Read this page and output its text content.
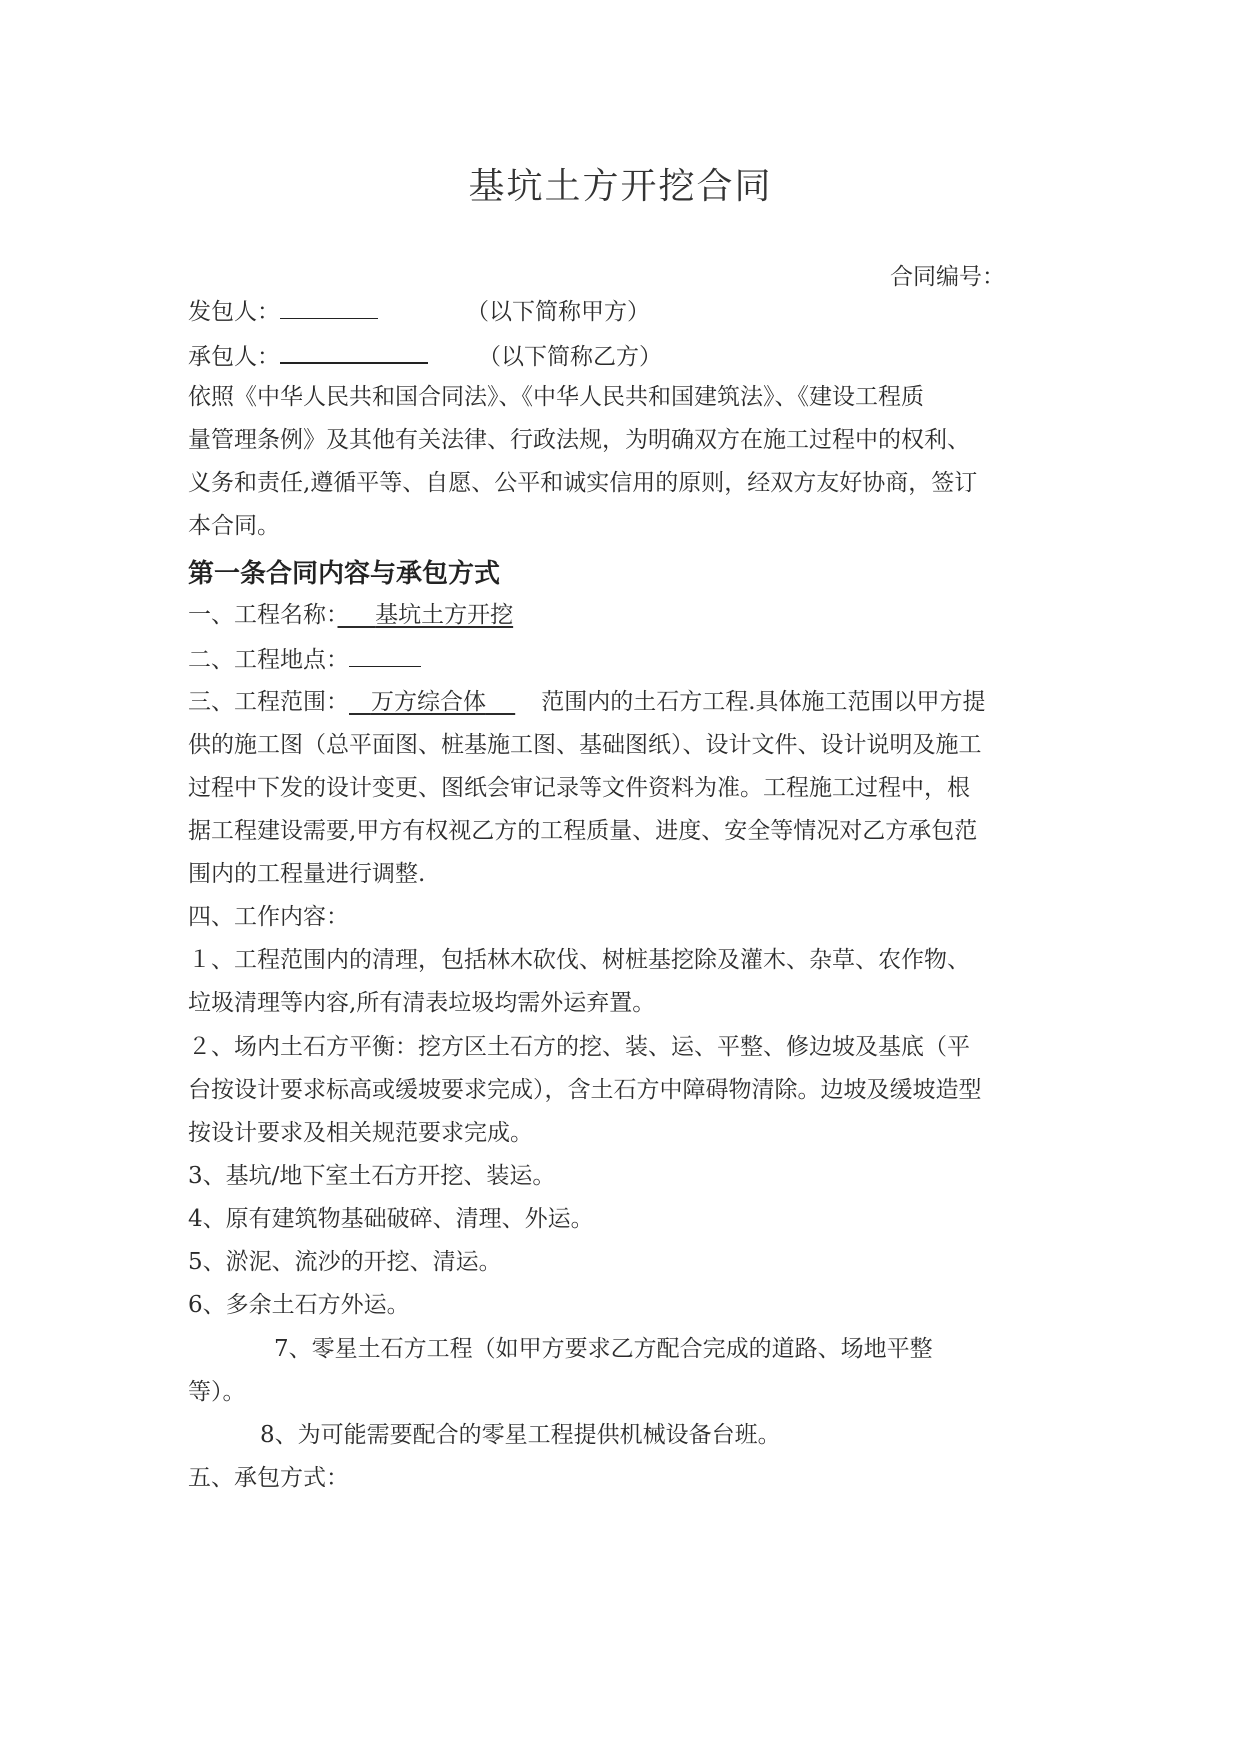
基坑土方开挖合同
合同编号：
发包人：	（以下简称甲方）
承包人：	（以下简称乙方）
依照《中华人民共和国合同法》、《中华人民共和国建筑法》、《建设工程质
量管理条例》及其他有关法律、行政法规，为明确双方在施工过程中的权利、
义务和责任,遵循平等、自愿、公平和诚实信用的原则，经双方友好协商，签订
本合同。
第一条合同内容与承包方式
一、工程名称：　 基坑土方开挖
二、工程地点：
三、工程范围： 万方综合体 范围内的土石方工程.具体施工范围以甲方提
供的施工图（总平面图、桩基施工图、基础图纸）、设计文件、设计说明及施工
过程中下发的设计变更、图纸会审记录等文件资料为准。工程施工过程中，根
据工程建设需要,甲方有权视乙方的工程质量、进度、安全等情况对乙方承包范
围内的工程量进行调整.
四、工作内容：
１、工程范围内的清理，包括林木砍伐、树桩基挖除及灌木、杂草、农作物、
垃圾清理等内容,所有清表垃圾均需外运弃置。
２、场内土石方平衡：挖方区土石方的挖、装、运、平整、修边坡及基底（平
台按设计要求标高或缓坡要求完成），含土石方中障碍物清除。边坡及缓坡造型
按设计要求及相关规范要求完成。
3、基坑/地下室土石方开挖、装运。
4、原有建筑物基础破碎、清理、外运。
5、淤泥、流沙的开挖、清运。
6、多余土石方外运。
7、零星土石方工程（如甲方要求乙方配合完成的道路、场地平整
等）。
8、为可能需要配合的零星工程提供机械设备台班。
五、承包方式：
